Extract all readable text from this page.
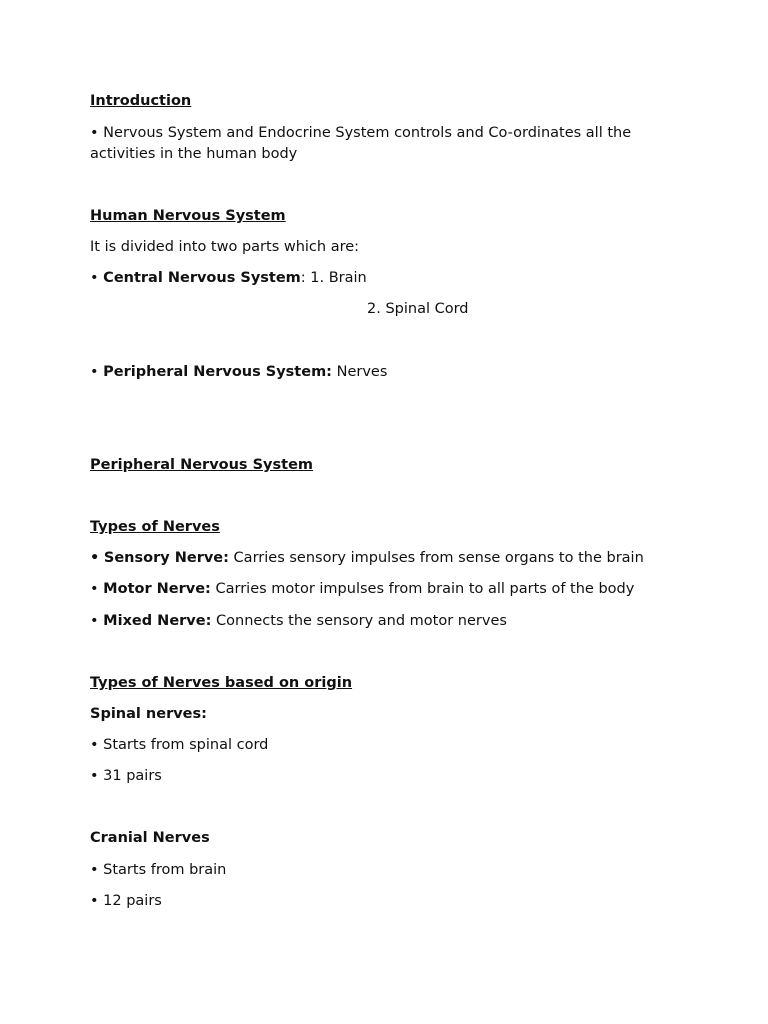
Introduction
• Nervous System and Endocrine System controls and Co-ordinates all the activities in the human body
Human Nervous System
It is divided into two parts which are:
• Central Nervous System: 1. Brain
2. Spinal Cord
• Peripheral Nervous System: Nerves
Peripheral Nervous System
Types of Nerves
• Sensory Nerve: Carries sensory impulses from sense organs to the brain
• Motor Nerve: Carries motor impulses from brain to all parts of the body
• Mixed Nerve: Connects the sensory and motor nerves
Types of Nerves based on origin
Spinal nerves:
• Starts from spinal cord
• 31 pairs
Cranial Nerves
• Starts from brain
• 12 pairs
